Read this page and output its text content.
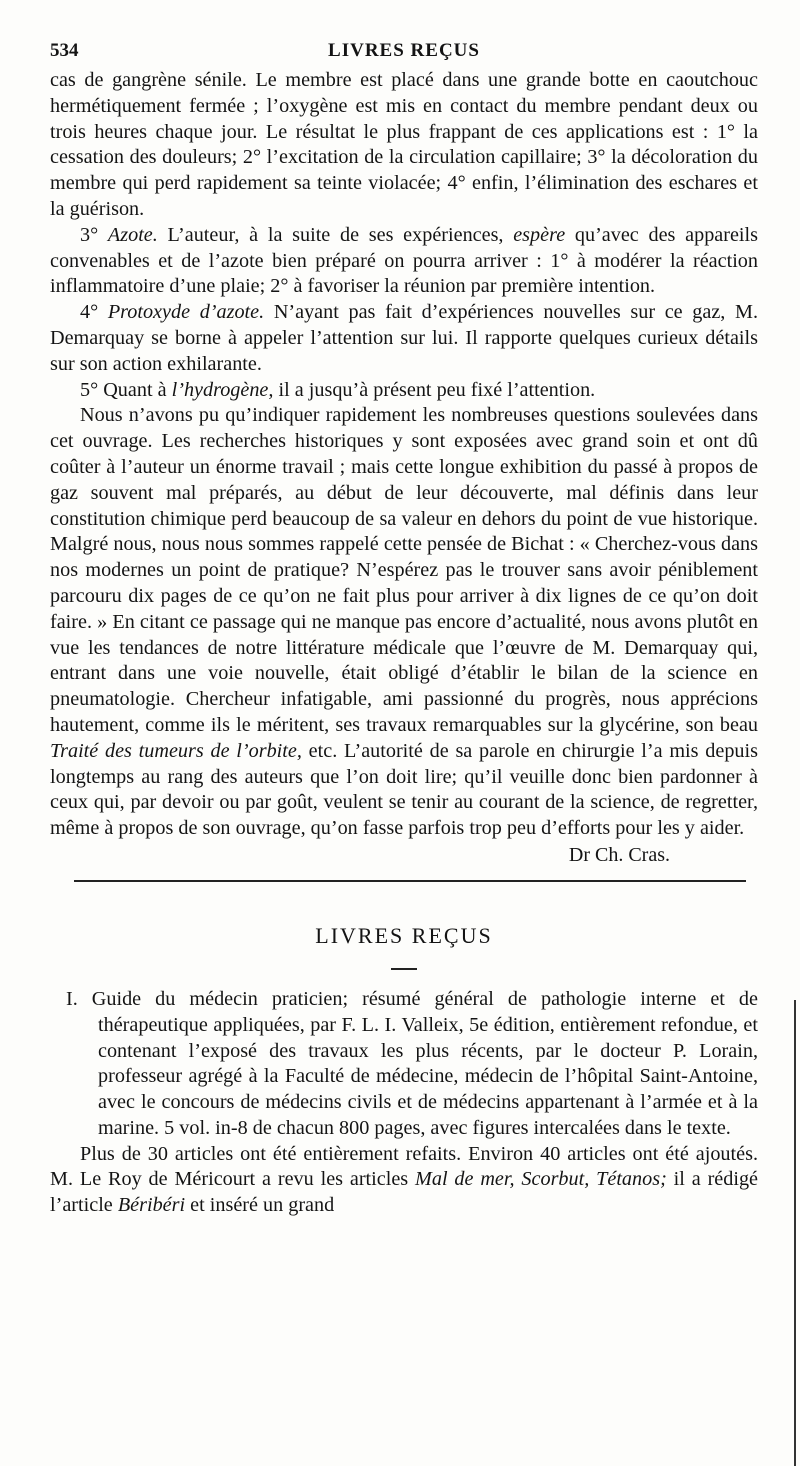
534	LIVRES REÇUS

cas de gangrène sénile. Le membre est placé dans une grande botte en caoutchouc hermétiquement fermée ; l’oxygène est mis en contact du membre pendant deux ou trois heures chaque jour. Le résultat le plus frappant de ces applications est : 1° la cessation des douleurs; 2° l’excitation de la circulation capillaire; 3° la décoloration du membre qui perd rapidement sa teinte violacée; 4° enfin, l’élimination des eschares et la guérison.

3° Azote. L’auteur, à la suite de ses expériences, espère qu’avec des appareils convenables et de l’azote bien préparé on pourra arriver : 1° à modérer la réaction inflammatoire d’une plaie; 2° à favoriser la réunion par première intention.

4° Protoxyde d’azote. N’ayant pas fait d’expériences nouvelles sur ce gaz, M. Demarquay se borne à appeler l’attention sur lui. Il rapporte quelques curieux détails sur son action exhilarante.

5° Quant à l’hydrogène, il a jusqu’à présent peu fixé l’attention.

Nous n’avons pu qu’indiquer rapidement les nombreuses questions soulevées dans cet ouvrage. Les recherches historiques y sont exposées avec grand soin et ont dû coûter à l’auteur un énorme travail ; mais cette longue exhibition du passé à propos de gaz souvent mal préparés, au début de leur découverte, mal définis dans leur constitution chimique perd beaucoup de sa valeur en dehors du point de vue historique. Malgré nous, nous nous sommes rappelé cette pensée de Bichat : « Cherchez-vous dans nos modernes un point de pratique? N’espérez pas le trouver sans avoir péniblement parcouru dix pages de ce qu’on ne fait plus pour arriver à dix lignes de ce qu’on doit faire. » En citant ce passage qui ne manque pas encore d’actualité, nous avons plutôt en vue les tendances de notre littérature médicale que l’œuvre de M. Demarquay qui, entrant dans une voie nouvelle, était obligé d’établir le bilan de la science en pneumatologie. Chercheur infatigable, ami passionné du progrès, nous apprécions hautement, comme ils le méritent, ses travaux remarquables sur la glycérine, son beau Traité des tumeurs de l’orbite, etc. L’autorité de sa parole en chirurgie l’a mis depuis longtemps au rang des auteurs que l’on doit lire; qu’il veuille donc bien pardonner à ceux qui, par devoir ou par goût, veulent se tenir au courant de la science, de regretter, même à propos de son ouvrage, qu’on fasse parfois trop peu d’efforts pour les y aider.

Dr Ch. Cras.
LIVRES REÇUS

I. Guide du médecin praticien; résumé général de pathologie interne et de thérapeutique appliquées, par F. L. I. Valleix, 5e édition, entièrement refondue, et contenant l’exposé des travaux les plus récents, par le docteur P. Lorain, professeur agrégé à la Faculté de médecine, médecin de l’hôpital Saint-Antoine, avec le concours de médecins civils et de médecins appartenant à l’armée et à la marine. 5 vol. in-8 de chacun 800 pages, avec figures intercalées dans le texte.

Plus de 30 articles ont été entièrement refaits. Environ 40 articles ont été ajoutés. M. Le Roy de Méricourt a revu les articles Mal de mer, Scorbut, Tétanos; il a rédigé l’article Béribéri et inséré un grand
